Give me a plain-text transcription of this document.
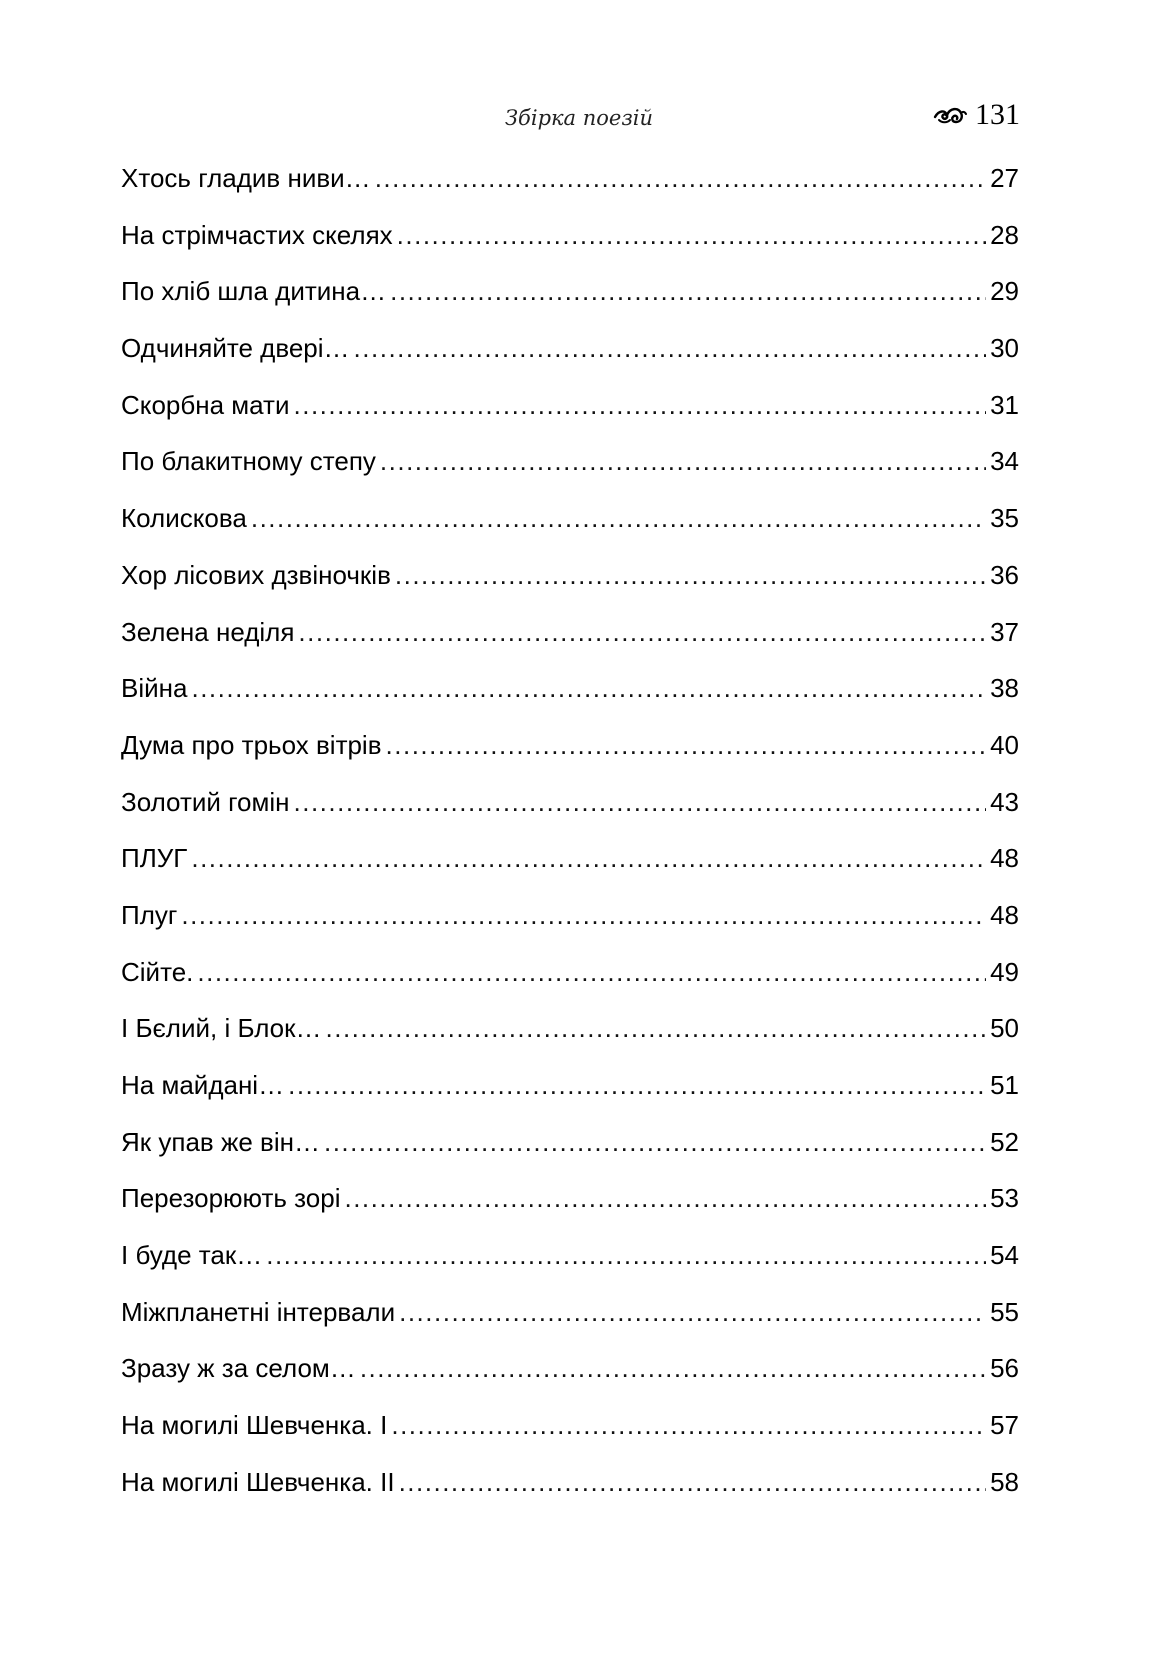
Збірка поезій	131
Хтось гладив ниви… .....	27
На стрімчастих скелях .....	28
По хліб шла дитина… .....	29
Одчиняйте двері… .....	30
Скорбна мати .....	31
По блакитному степу .....	34
Колискова .....	35
Хор лісових дзвіночків .....	36
Зелена неділя .....	37
Війна .....	38
Дума про трьох вітрів .....	40
Золотий гомін .....	43
ПЛУГ .....	48
Плуг .....	48
Сійте. .....	49
І Бєлий, і Блок… .....	50
На майдані… .....	51
Як упав же він… .....	52
Перезорюють зорі .....	53
І буде так… .....	54
Міжпланетні інтервали .....	55
Зразу ж за селом… .....	56
На могилі Шевченка. І .....	57
На могилі Шевченка. ІІ .....	58
